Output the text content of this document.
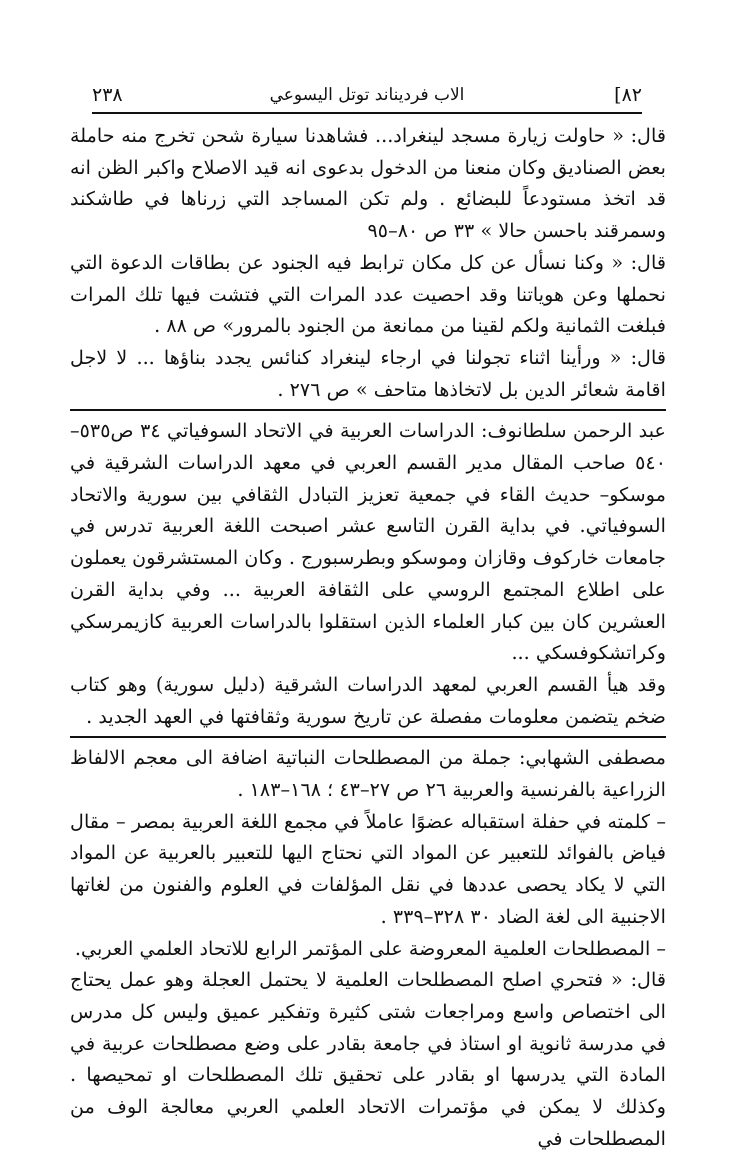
٢٣٨	الاب فرديناند توتل اليسوعي	[٨٢

قال: « حاولت زيارة مسجد لينغراد... فشاهدنا سيارة شحن تخرج منه حاملة بعض الصناديق وكان منعنا من الدخول بدعوى انه قيد الاصلاح واكبر الظن انه قد اتخذ مستودعاً للبضائع . ولم تكن المساجد التي زرناها في طاشكند وسمرقند باحسن حالا » ٣٣ ص ٨٠–٩٥

قال: « وكنا نسأل عن كل مكان ترابط فيه الجنود عن بطاقات الدعوة التي نحملها وعن هوياتنا وقد احصيت عدد المرات التي فتشت فيها تلك المرات فبلغت الثمانية ولكم لقينا من ممانعة من الجنود بالمرور» ص ٨٨ .

قال: « ورأينا اثناء تجولنا في ارجاء لينغراد كنائس يجدد بناؤها ... لا لاجل اقامة شعائر الدين بل لاتخاذها متاحف » ص ٢٧٦ .

عبد الرحمن سلطانوف: الدراسات العربية في الاتحاد السوفياتي ٣٤ ص٥٣٥– ٥٤٠ صاحب المقال مدير القسم العربي في معهد الدراسات الشرقية في موسكو– حديث القاء في جمعية تعزيز التبادل الثقافي بين سورية والاتحاد السوفياتي. في بداية القرن التاسع عشر اصبحت اللغة العربية تدرس في جامعات خاركوف وقازان وموسكو وبطرسبورج . وكان المستشرقون يعملون على اطلاع المجتمع الروسي على الثقافة العربية ... وفي بداية القرن العشرين كان بين كبار العلماء الذين استقلوا بالدراسات العربية كازيمرسكي وكراتشكوفسكي ...

وقد هيأ القسم العربي لمعهد الدراسات الشرقية (دليل سورية) وهو كتاب ضخم يتضمن معلومات مفصلة عن تاريخ سورية وثقافتها في العهد الجديد .

مصطفى الشهابي: جملة من المصطلحات النباتية اضافة الى معجم الالفاظ الزراعية بالفرنسية والعربية ٢٦ ص ٢٧–٤٣ ؛ ١٦٨–١٨٣ .

– كلمته في حفلة استقباله عضوًا عاملاً في مجمع اللغة العربية بمصر – مقال فياض بالفوائد للتعبير عن المواد التي نحتاج اليها للتعبير بالعربية عن المواد التي لا يكاد يحصى عددها في نقل المؤلفات في العلوم والفنون من لغاتها الاجنبية الى لغة الضاد ٣٠ ٣٢٨–٣٣٩ .

– المصطلحات العلمية المعروضة على المؤتمر الرابع للاتحاد العلمي العربي.

قال: « فتحري اصلح المصطلحات العلمية لا يحتمل العجلة وهو عمل يحتاج الى اختصاص واسع ومراجعات شتى كثيرة وتفكير عميق وليس كل مدرس في مدرسة ثانوية او استاذ في جامعة بقادر على وضع مصطلحات عربية في المادة التي يدرسها او بقادر على تحقيق تلك المصطلحات او تمحيصها . وكذلك لا يمكن في مؤتمرات الاتحاد العلمي العربي معالجة الوف من المصطلحات في
